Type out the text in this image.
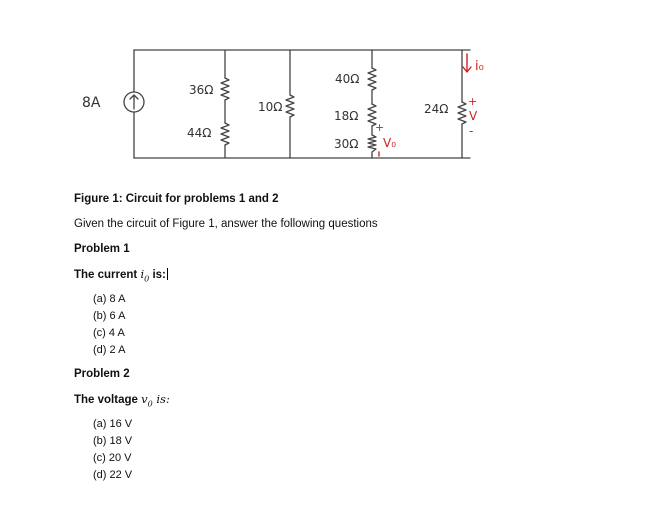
8A
36Ω
44Ω
10Ω
40Ω
18Ω
30Ω
24Ω
i₀
V₀
+
V
+
-
Figure 1: Circuit for problems 1 and 2
Given the circuit of Figure 1, answer the following questions
Problem 1
The current $i_0$ is:
(a) 8 A
(b) 6 A
(c) 4 A
(d) 2 A
Problem 2
The voltage $v_0$ is:
(a) 16 V
(b) 18 V
(c) 20 V
(d) 22 V
